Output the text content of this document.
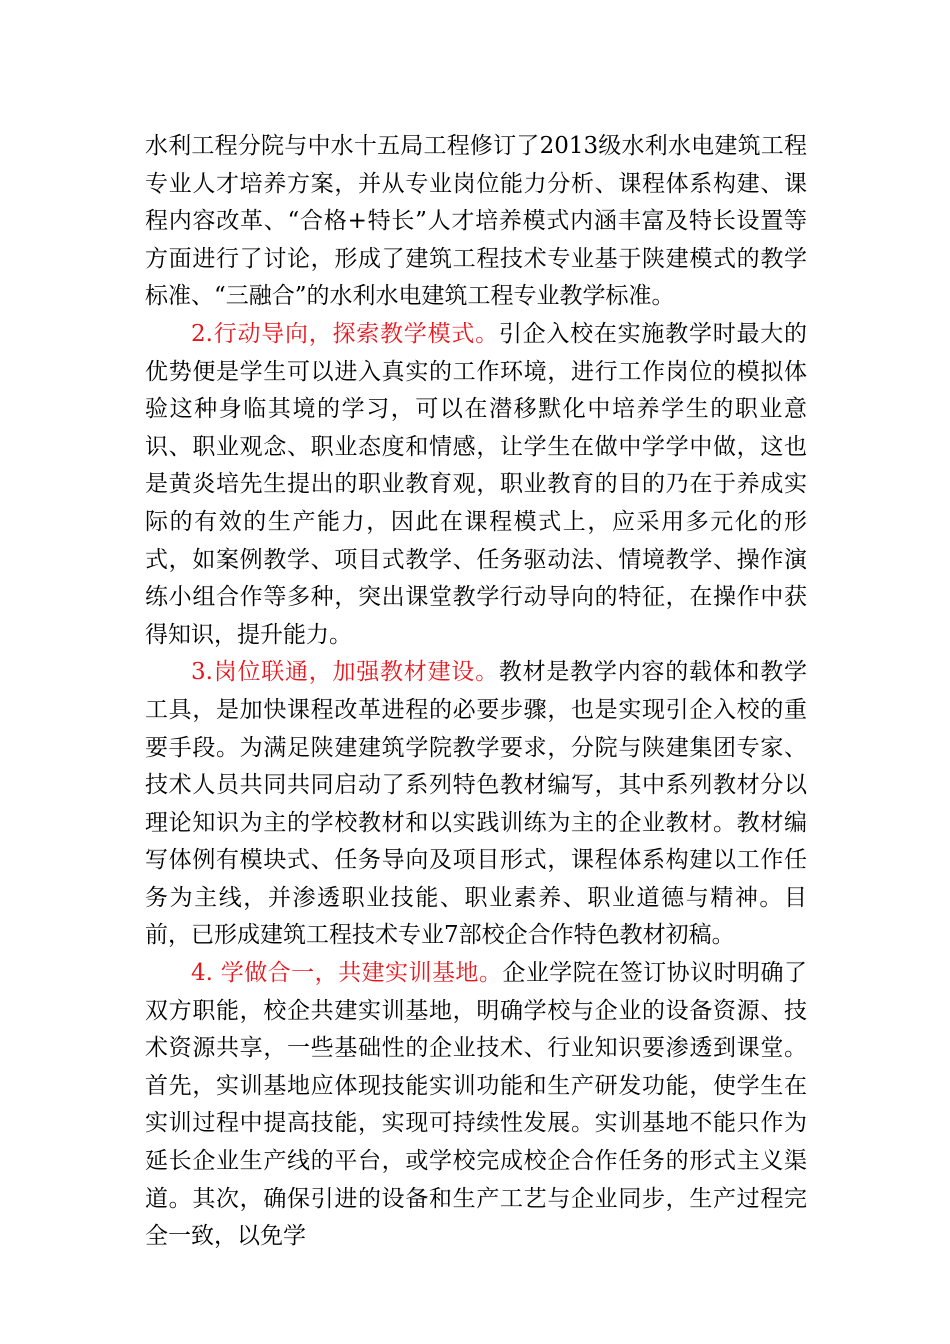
水利工程分院与中水十五局工程修订了2013级水利水电建筑工程专业人才培养方案，并从专业岗位能力分析、课程体系构建、课程内容改革、“合格+特长”人才培养模式内涵丰富及特长设置等方面进行了讨论，形成了建筑工程技术专业基于陕建模式的教学标准、“三融合”的水利水电建筑工程专业教学标准。

2.行动导向，探索教学模式。引企入校在实施教学时最大的优势便是学生可以进入真实的工作环境，进行工作岗位的模拟体验这种身临其境的学习，可以在潜移默化中培养学生的职业意识、职业观念、职业态度和情感，让学生在做中学学中做，这也是黄炎培先生提出的职业教育观，职业教育的目的乃在于养成实际的有效的生产能力，因此在课程模式上，应采用多元化的形式，如案例教学、项目式教学、任务驱动法、情境教学、操作演练小组合作等多种，突出课堂教学行动导向的特征，在操作中获得知识，提升能力。

3.岗位联通，加强教材建设。教材是教学内容的载体和教学工具，是加快课程改革进程的必要步骤，也是实现引企入校的重要手段。为满足陕建建筑学院教学要求，分院与陕建集团专家、技术人员共同共同启动了系列特色教材编写，其中系列教材分以理论知识为主的学校教材和以实践训练为主的企业教材。教材编写体例有模块式、任务导向及项目形式，课程体系构建以工作任务为主线，并渗透职业技能、职业素养、职业道德与精神。目前，已形成建筑工程技术专业7部校企合作特色教材初稿。

4. 学做合一，共建实训基地。企业学院在签订协议时明确了双方职能，校企共建实训基地，明确学校与企业的设备资源、技术资源共享，一些基础性的企业技术、行业知识要渗透到课堂。首先，实训基地应体现技能实训功能和生产研发功能，使学生在实训过程中提高技能，实现可持续性发展。实训基地不能只作为延长企业生产线的平台，或学校完成校企合作任务的形式主义渠道。其次，确保引进的设备和生产工艺与企业同步，生产过程完全一致，以免学
